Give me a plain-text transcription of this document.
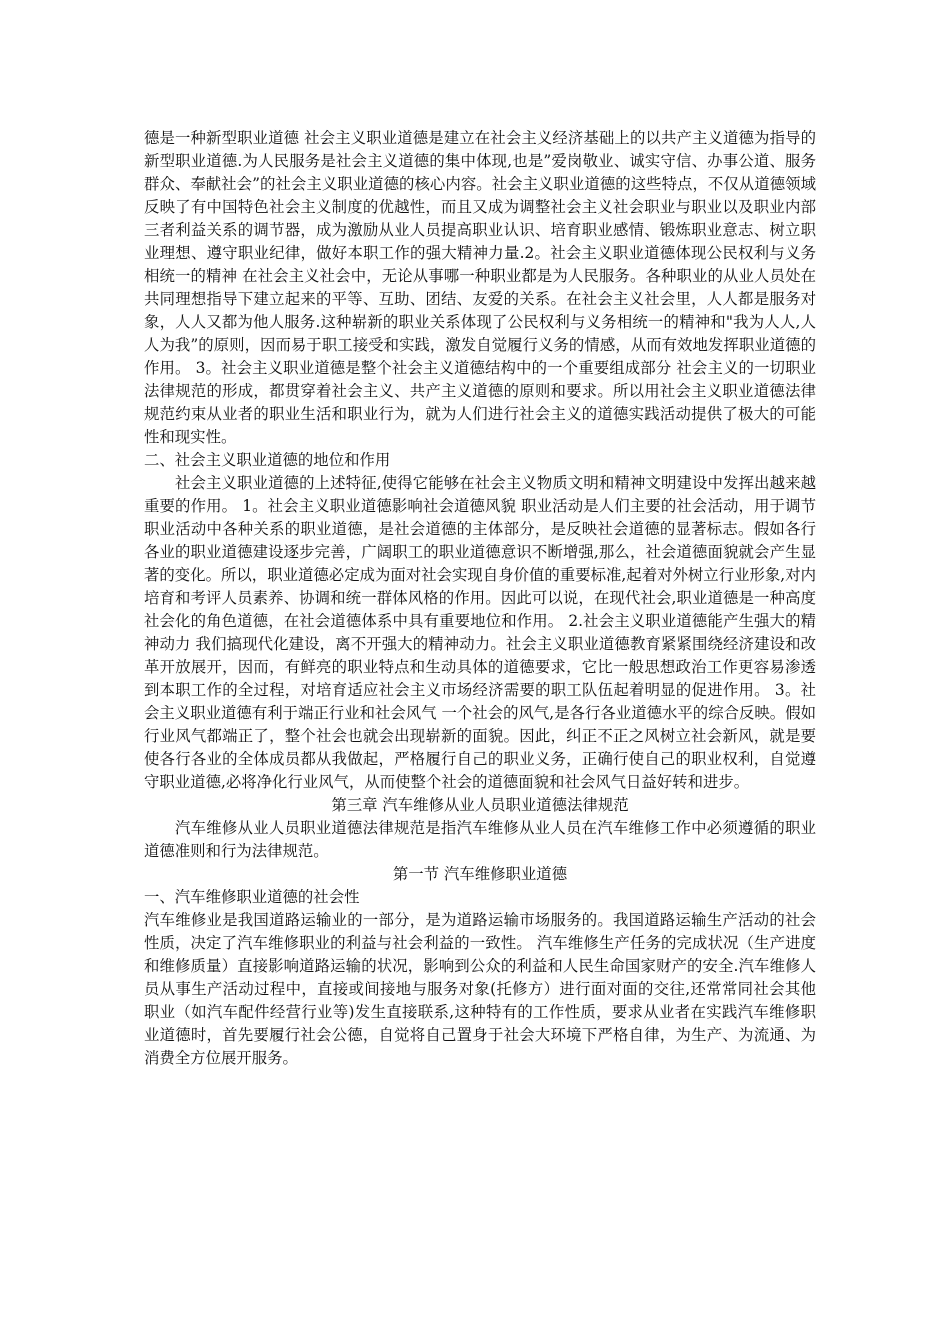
德是一种新型职业道德 社会主义职业道德是建立在社会主义经济基础上的以共产主义道德为指导的新型职业道德.为人民服务是社会主义道德的集中体现,也是”爱岗敬业、诚实守信、办事公道、服务群众、奉献社会”的社会主义职业道德的核心内容。社会主义职业道德的这些特点，不仅从道德领域反映了有中国特色社会主义制度的优越性，而且又成为调整社会主义社会职业与职业以及职业内部三者利益关系的调节器，成为激励从业人员提高职业认识、培育职业感情、锻炼职业意志、树立职业理想、遵守职业纪律，做好本职工作的强大精神力量.2。社会主义职业道德体现公民权利与义务相统一的精神 在社会主义社会中，无论从事哪一种职业都是为人民服务。各种职业的从业人员处在共同理想指导下建立起来的平等、互助、团结、友爱的关系。在社会主义社会里，人人都是服务对象，人人又都为他人服务.这种崭新的职业关系体现了公民权利与义务相统一的精神和"我为人人,人人为我”的原则，因而易于职工接受和实践，激发自觉履行义务的情感，从而有效地发挥职业道德的作用。 3。社会主义职业道德是整个社会主义道德结构中的一个重要组成部分 社会主义的一切职业法律规范的形成，都贯穿着社会主义、共产主义道德的原则和要求。所以用社会主义职业道德法律规范约束从业者的职业生活和职业行为，就为人们进行社会主义的道德实践活动提供了极大的可能性和现实性。

二、社会主义职业道德的地位和作用

社会主义职业道德的上述特征,使得它能够在社会主义物质文明和精神文明建设中发挥出越来越重要的作用。 1。社会主义职业道德影响社会道德风貌 职业活动是人们主要的社会活动，用于调节职业活动中各种关系的职业道德，是社会道德的主体部分，是反映社会道德的显著标志。假如各行各业的职业道德建设逐步完善，广阔职工的职业道德意识不断增强,那么，社会道德面貌就会产生显著的变化。所以，职业道德必定成为面对社会实现自身价值的重要标准,起着对外树立行业形象,对内培育和考评人员素养、协调和统一群体风格的作用。因此可以说，在现代社会,职业道德是一种高度社会化的角色道德，在社会道德体系中具有重要地位和作用。 2.社会主义职业道德能产生强大的精神动力 我们搞现代化建设，离不开强大的精神动力。社会主义职业道德教育紧紧围绕经济建设和改革开放展开，因而，有鲜亮的职业特点和生动具体的道德要求，它比一般思想政治工作更容易渗透到本职工作的全过程，对培育适应社会主义市场经济需要的职工队伍起着明显的促进作用。 3。社会主义职业道德有利于端正行业和社会风气 一个社会的风气,是各行各业道德水平的综合反映。假如行业风气都端正了，整个社会也就会出现崭新的面貌。因此，纠正不正之风树立社会新风，就是要使各行各业的全体成员都从我做起，严格履行自己的职业义务，正确行使自己的职业权利，自觉遵守职业道德,必将净化行业风气，从而使整个社会的道德面貌和社会风气日益好转和进步。

第三章 汽车维修从业人员职业道德法律规范

汽车维修从业人员职业道德法律规范是指汽车维修从业人员在汽车维修工作中必须遵循的职业道德准则和行为法律规范。

第一节 汽车维修职业道德

一、汽车维修职业道德的社会性

汽车维修业是我国道路运输业的一部分，是为道路运输市场服务的。我国道路运输生产活动的社会性质，决定了汽车维修职业的利益与社会利益的一致性。 汽车维修生产任务的完成状况（生产进度和维修质量）直接影响道路运输的状况，影响到公众的利益和人民生命国家财产的安全.汽车维修人员从事生产活动过程中，直接或间接地与服务对象(托修方）进行面对面的交往,还常常同社会其他职业（如汽车配件经营行业等)发生直接联系,这种特有的工作性质，要求从业者在实践汽车维修职业道德时，首先要履行社会公德，自觉将自己置身于社会大环境下严格自律，为生产、为流通、为消费全方位展开服务。
